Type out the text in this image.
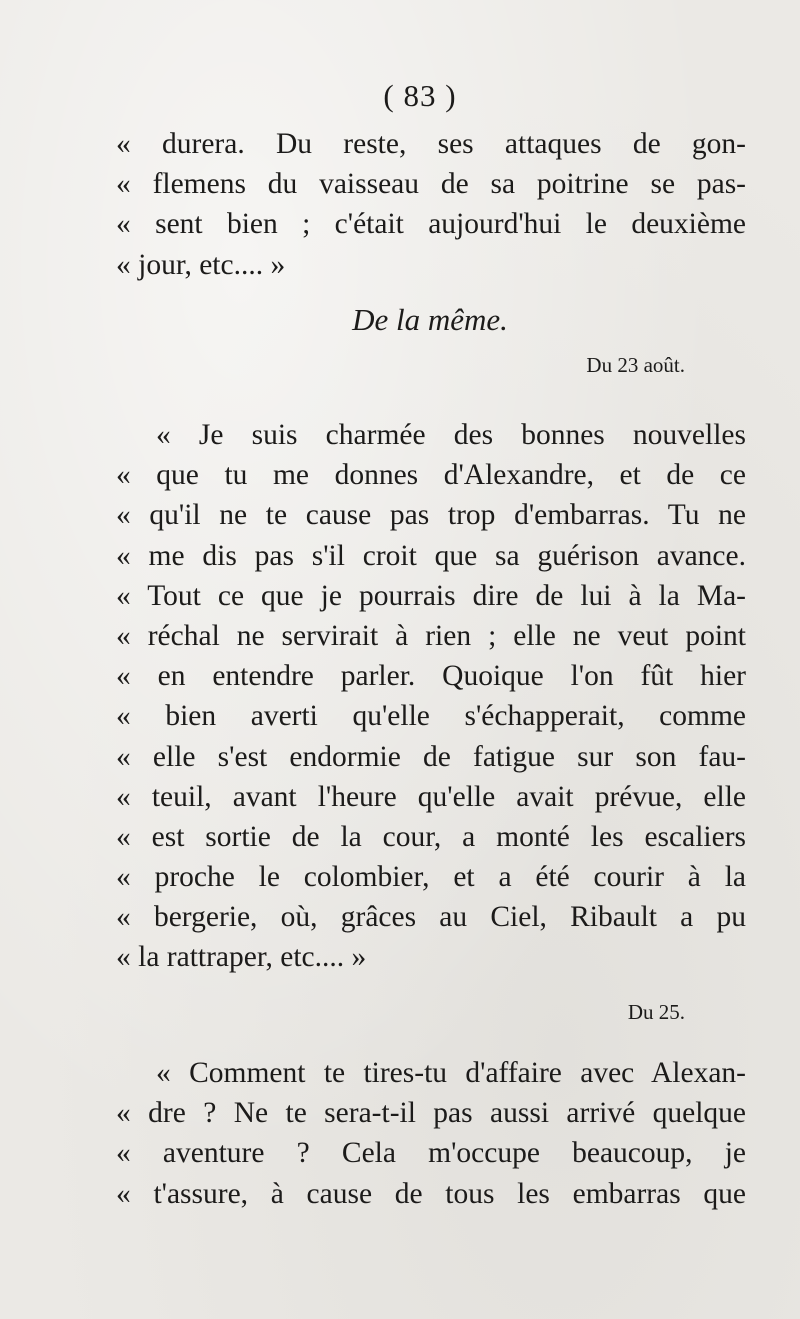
( 83 )
« durera. Du reste, ses attaques de gon-
« flemens du vaisseau de sa poitrine se pas-
« sent bien ; c'était aujourd'hui le deuxième
« jour, etc.... »
De la même.
Du 23 août.
« Je suis charmée des bonnes nouvelles
« que tu me donnes d'Alexandre, et de ce
« qu'il ne te cause pas trop d'embarras. Tu ne
« me dis pas s'il croit que sa guérison avance.
« Tout ce que je pourrais dire de lui à la Ma-
« réchal ne servirait à rien ; elle ne veut point
« en entendre parler. Quoique l'on fût hier
« bien averti qu'elle s'échapperait, comme
« elle s'est endormie de fatigue sur son fau-
« teuil, avant l'heure qu'elle avait prévue, elle
« est sortie de la cour, a monté les escaliers
« proche le colombier, et a été courir à la
« bergerie, où, grâces au Ciel, Ribault a pu
« la rattraper, etc.... »
Du 25.
« Comment te tires-tu d'affaire avec Alexan-
« dre ? Ne te sera-t-il pas aussi arrivé quelque
« aventure ? Cela m'occupe beaucoup, je
« t'assure, à cause de tous les embarras que
